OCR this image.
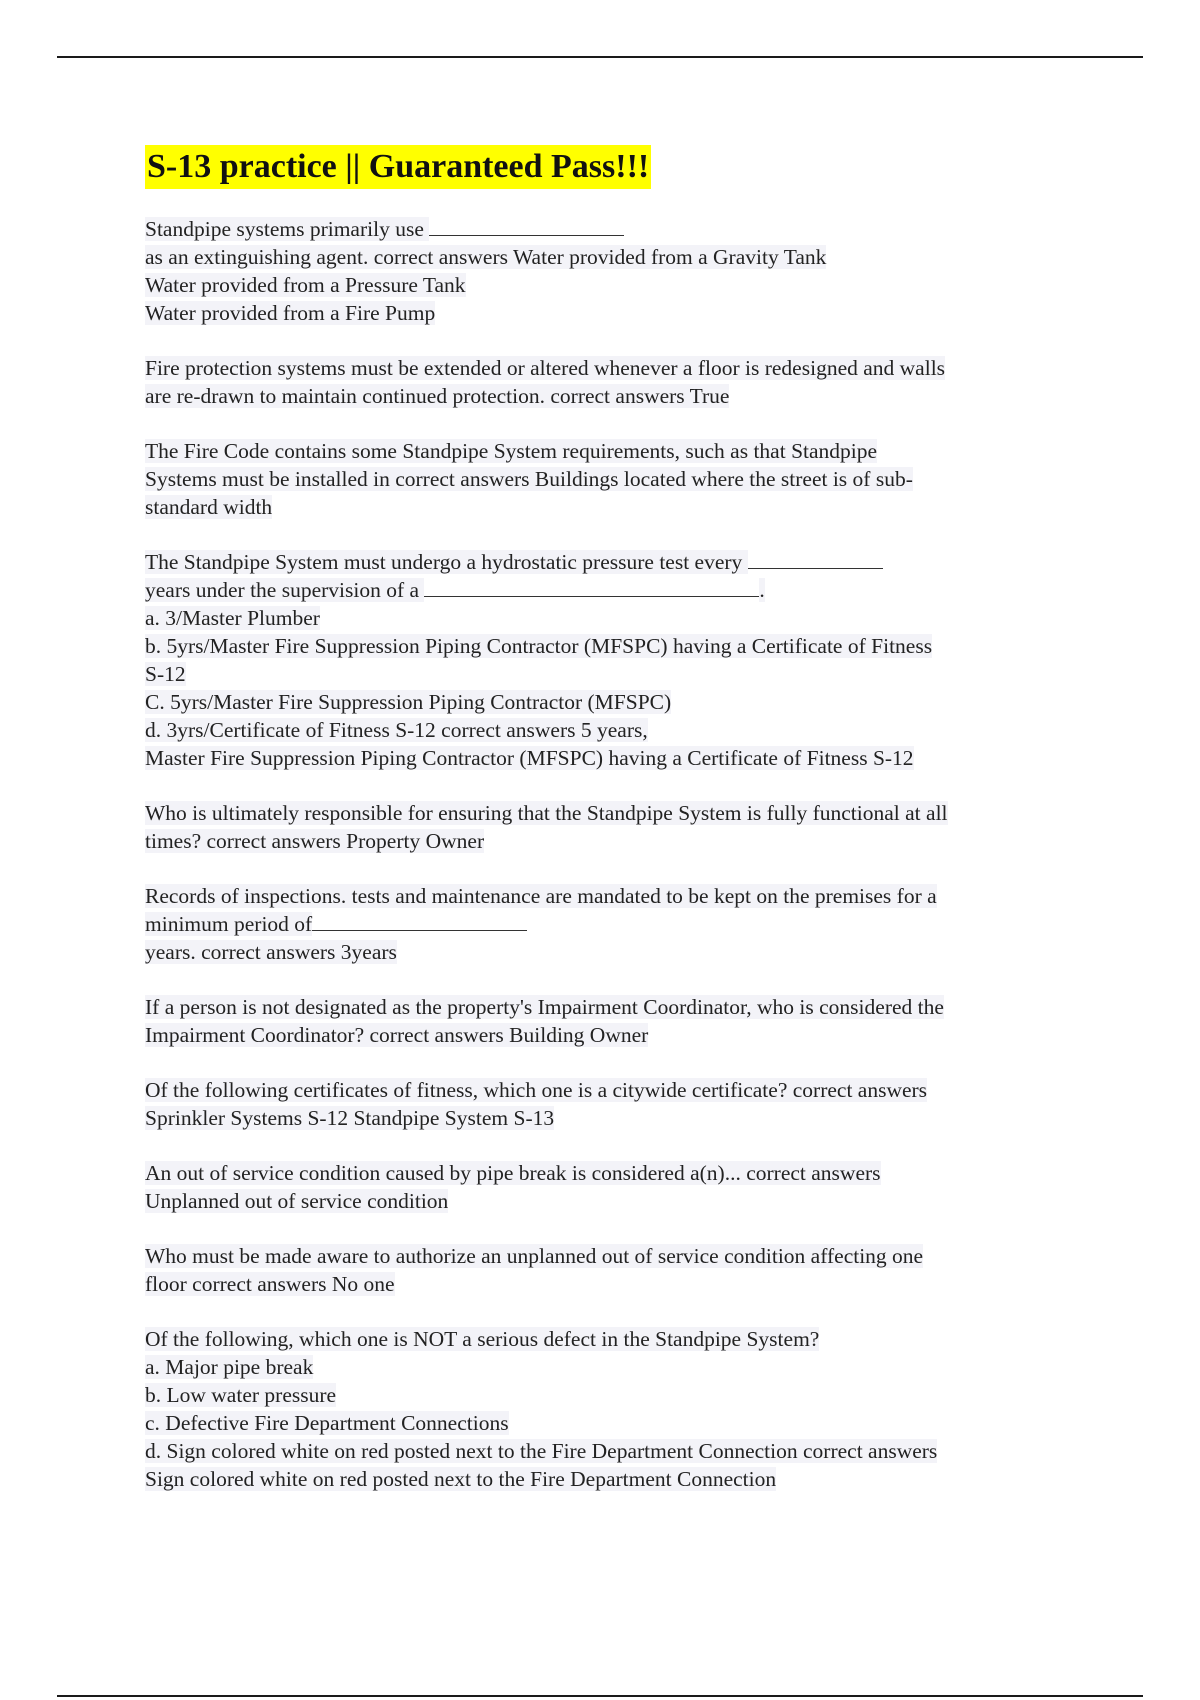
S-13 practice || Guaranteed Pass!!!
Standpipe systems primarily use
as an extinguishing agent. correct answers Water provided from a Gravity Tank
Water provided from a Pressure Tank
Water provided from a Fire Pump
Fire protection systems must be extended or altered whenever a floor is redesigned and walls
are re-drawn to maintain continued protection. correct answers True
The Fire Code contains some Standpipe System requirements, such as that Standpipe
Systems must be installed in correct answers Buildings located where the street is of sub-
standard width
The Standpipe System must undergo a hydrostatic pressure test every
years under the supervision of a	.
a. 3/Master Plumber
b. 5yrs/Master Fire Suppression Piping Contractor (MFSPC) having a Certificate of Fitness
S-12
C. 5yrs/Master Fire Suppression Piping Contractor (MFSPC)
d. 3yrs/Certificate of Fitness S-12 correct answers 5 years,
Master Fire Suppression Piping Contractor (MFSPC) having a Certificate of Fitness S-12
Who is ultimately responsible for ensuring that the Standpipe System is fully functional at all
times? correct answers Property Owner
Records of inspections. tests and maintenance are mandated to be kept on the premises for a
minimum period of
years. correct answers 3years
If a person is not designated as the property's Impairment Coordinator, who is considered the
Impairment Coordinator? correct answers Building Owner
Of the following certificates of fitness, which one is a citywide certificate? correct answers
Sprinkler Systems S-12 Standpipe System S-13
An out of service condition caused by pipe break is considered a(n)... correct answers
Unplanned out of service condition
Who must be made aware to authorize an unplanned out of service condition affecting one
floor correct answers No one
Of the following, which one is NOT a serious defect in the Standpipe System?
a. Major pipe break
b. Low water pressure
c. Defective Fire Department Connections
d. Sign colored white on red posted next to the Fire Department Connection correct answers
Sign colored white on red posted next to the Fire Department Connection
